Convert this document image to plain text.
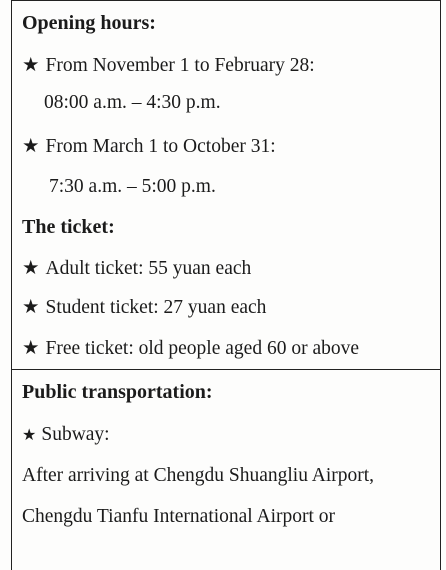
Opening hours:
★ From November 1 to February 28:
08:00 a.m. – 4:30 p.m.
★ From March 1 to October 31:
7:30 a.m. – 5:00 p.m.
The ticket:
★ Adult ticket: 55 yuan each
★ Student ticket: 27 yuan each
★ Free ticket: old people aged 60 or above
Public transportation:
★ Subway:
After arriving at Chengdu Shuangliu Airport,
Chengdu Tianfu International Airport or
